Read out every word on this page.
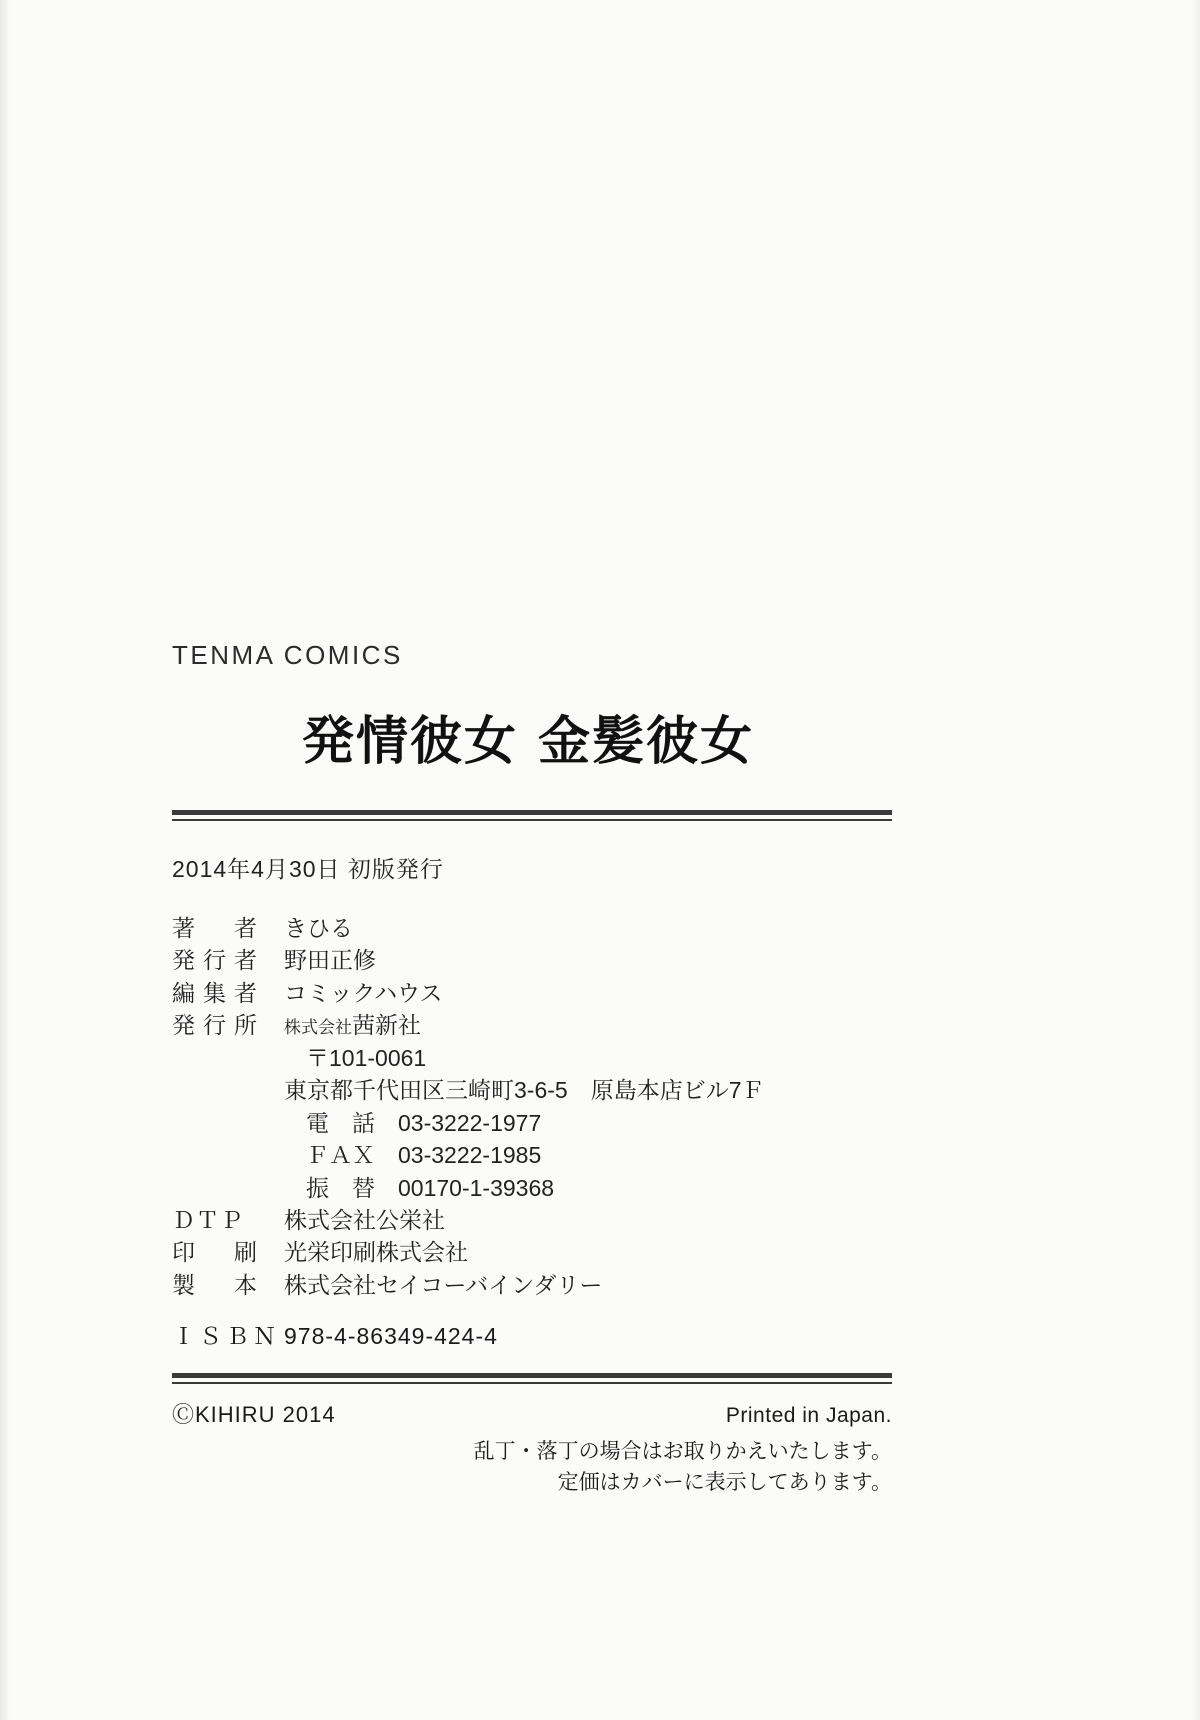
TENMA COMICS
発情彼女 金髪彼女
2014年4月30日 初版発行
著　者 きひる
発行者 野田正修
編集者 コミックハウス
発行所	株式会社茜新社
〒101-0061
東京都千代田区三崎町3-6-5　原島本店ビル7Ｆ
電　話　03-3222-1977
ＦＡＸ　03-3222-1985
振　替　00170-1-39368
ＤＴＰ	株式会社公栄社
印　刷 光栄印刷株式会社
製　本 株式会社セイコーバインダリー
ＩＳＢＮ 978-4-86349-424-4
ⒸKIHIRU 2014	Printed in Japan.
乱丁・落丁の場合はお取りかえいたします。
定価はカバーに表示してあります。
